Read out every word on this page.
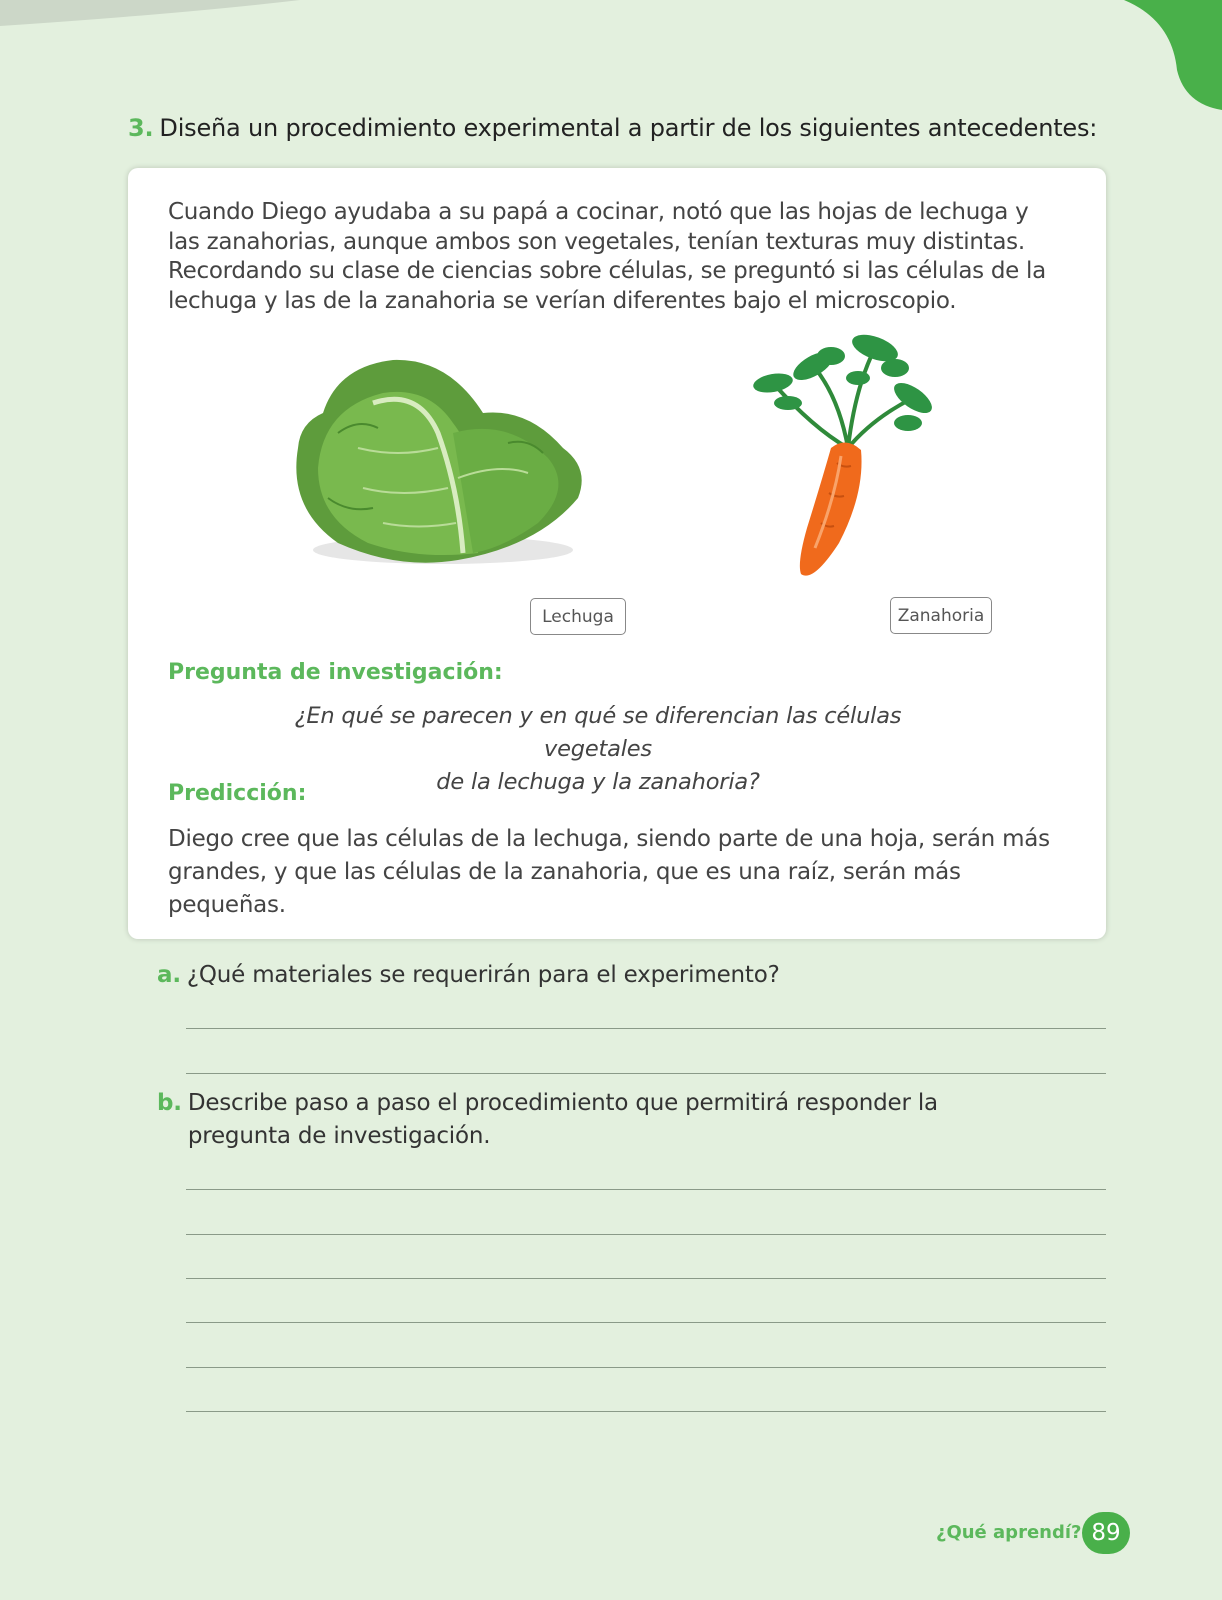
3. Diseña un procedimiento experimental a partir de los siguientes antecedentes:
Cuando Diego ayudaba a su papá a cocinar, notó que las hojas de lechuga y
las zanahorias, aunque ambos son vegetales, tenían texturas muy distintas.
Recordando su clase de ciencias sobre células, se preguntó si las células de la
lechuga y las de la zanahoria se verían diferentes bajo el microscopio.
Lechuga	Zanahoria
Pregunta de investigación:
¿En qué se parecen y en qué se diferencian las células vegetales
de la lechuga y la zanahoria?
Predicción:
Diego cree que las células de la lechuga, siendo parte de una hoja, serán más
grandes, y que las células de la zanahoria, que es una raíz, serán más pequeñas.
a. ¿Qué materiales se requerirán para el experimento?
b. Describe paso a paso el procedimiento que permitirá responder la pregunta de investigación.
¿Qué aprendí? 89
